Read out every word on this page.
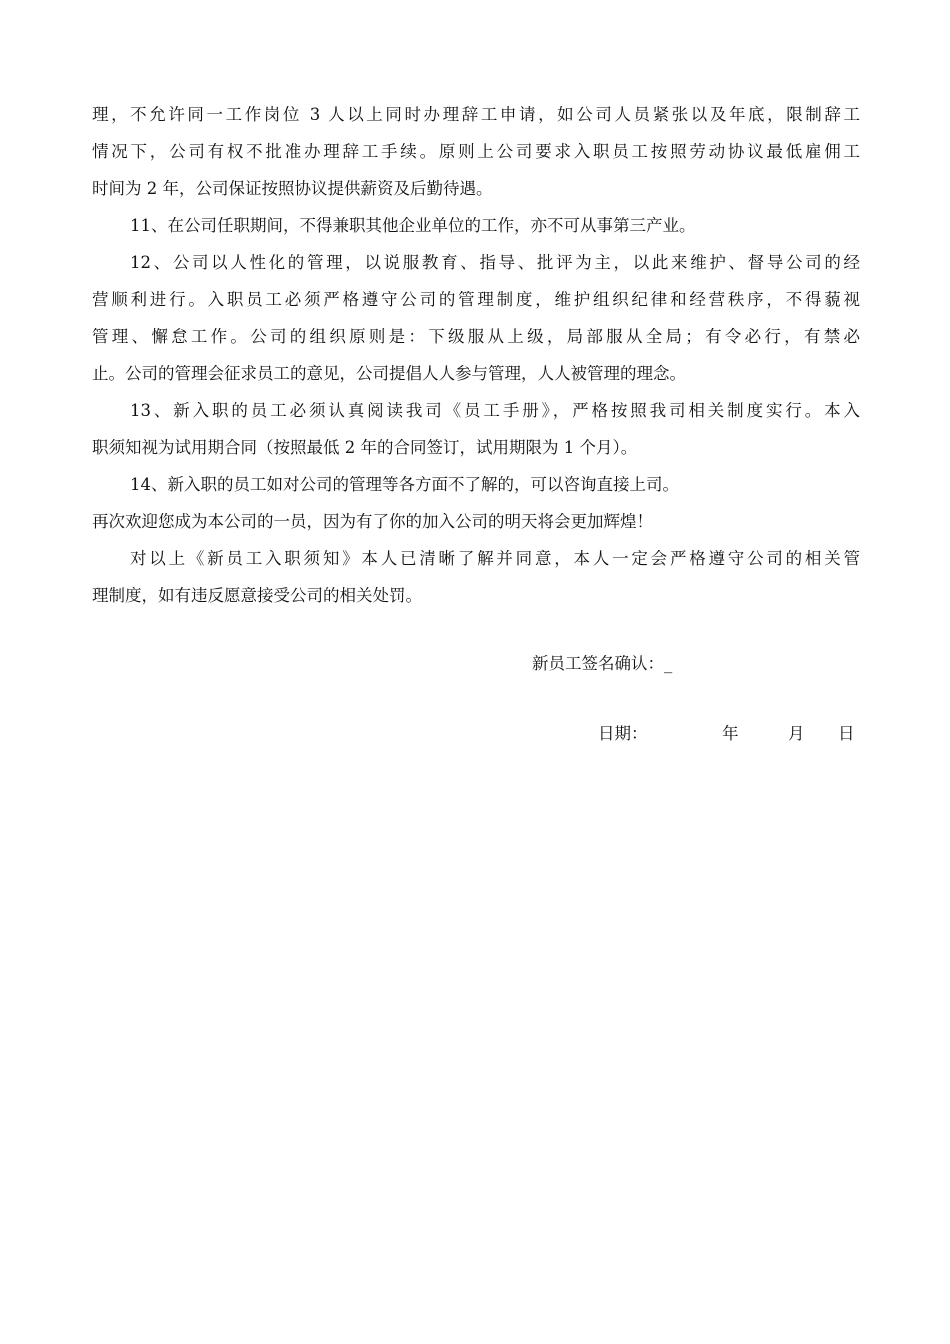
理，不允许同一工作岗位 3 人以上同时办理辞工申请，如公司人员紧张以及年底，限制辞工
情况下，公司有权不批准办理辞工手续。原则上公司要求入职员工按照劳动协议最低雇佣工
时间为 2 年，公司保证按照协议提供薪资及后勤待遇。
11、在公司任职期间，不得兼职其他企业单位的工作，亦不可从事第三产业。
12、公司以人性化的管理，以说服教育、指导、批评为主，以此来维护、督导公司的经
营顺利进行。入职员工必须严格遵守公司的管理制度，维护组织纪律和经营秩序，不得藐视
管理、懈怠工作。公司的组织原则是：下级服从上级，局部服从全局；有令必行，有禁必
止。公司的管理会征求员工的意见，公司提倡人人参与管理，人人被管理的理念。
13、新入职的员工必须认真阅读我司《员工手册》，严格按照我司相关制度实行。本入
职须知视为试用期合同（按照最低 2 年的合同签订，试用期限为 1 个月）。
14、新入职的员工如对公司的管理等各方面不了解的，可以咨询直接上司。
再次欢迎您成为本公司的一员，因为有了你的加入公司的明天将会更加辉煌！
对以上《新员工入职须知》本人已清晰了解并同意，本人一定会严格遵守公司的相关管
理制度，如有违反愿意接受公司的相关处罚。
新员工签名确认：_
日期：	年	月 日
